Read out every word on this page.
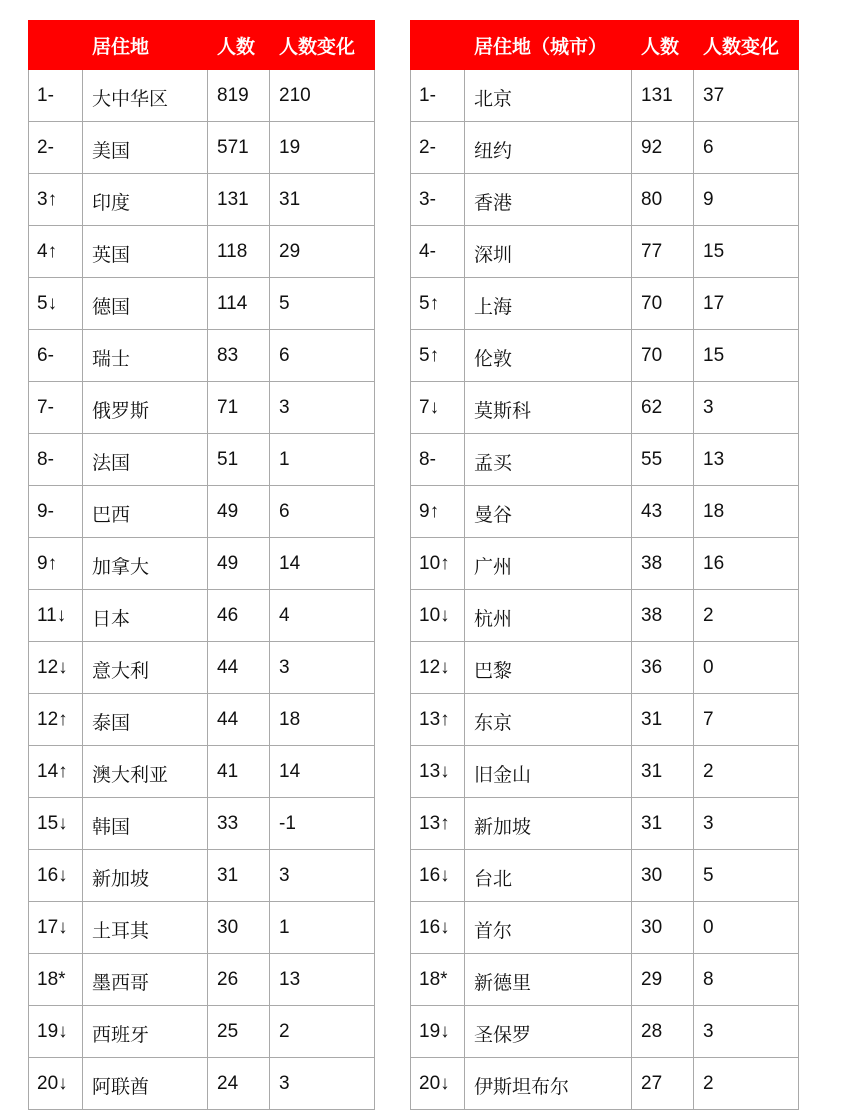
	居住地	人数	人数变化
1-	大中华区	819	210
2-	美国	571	19
3↑	印度	131	31
4↑	英国	118	29
5↓	德国	114	5
6-	瑞士	83	6
7-	俄罗斯	71	3
8-	法国	51	1
9-	巴西	49	6
9↑	加拿大	49	14
11↓	日本	46	4
12↓	意大利	44	3
12↑	泰国	44	18
14↑	澳大利亚	41	14
15↓	韩国	33	-1
16↓	新加坡	31	3
17↓	土耳其	30	1
18*	墨西哥	26	13
19↓	西班牙	25	2
20↓	阿联酋	24	3
	居住地（城市）	人数	人数变化
1-	北京	131	37
2-	纽约	92	6
3-	香港	80	9
4-	深圳	77	15
5↑	上海	70	17
5↑	伦敦	70	15
7↓	莫斯科	62	3
8-	孟买	55	13
9↑	曼谷	43	18
10↑	广州	38	16
10↓	杭州	38	2
12↓	巴黎	36	0
13↑	东京	31	7
13↓	旧金山	31	2
13↑	新加坡	31	3
16↓	台北	30	5
16↓	首尔	30	0
18*	新德里	29	8
19↓	圣保罗	28	3
20↓	伊斯坦布尔	27	2
